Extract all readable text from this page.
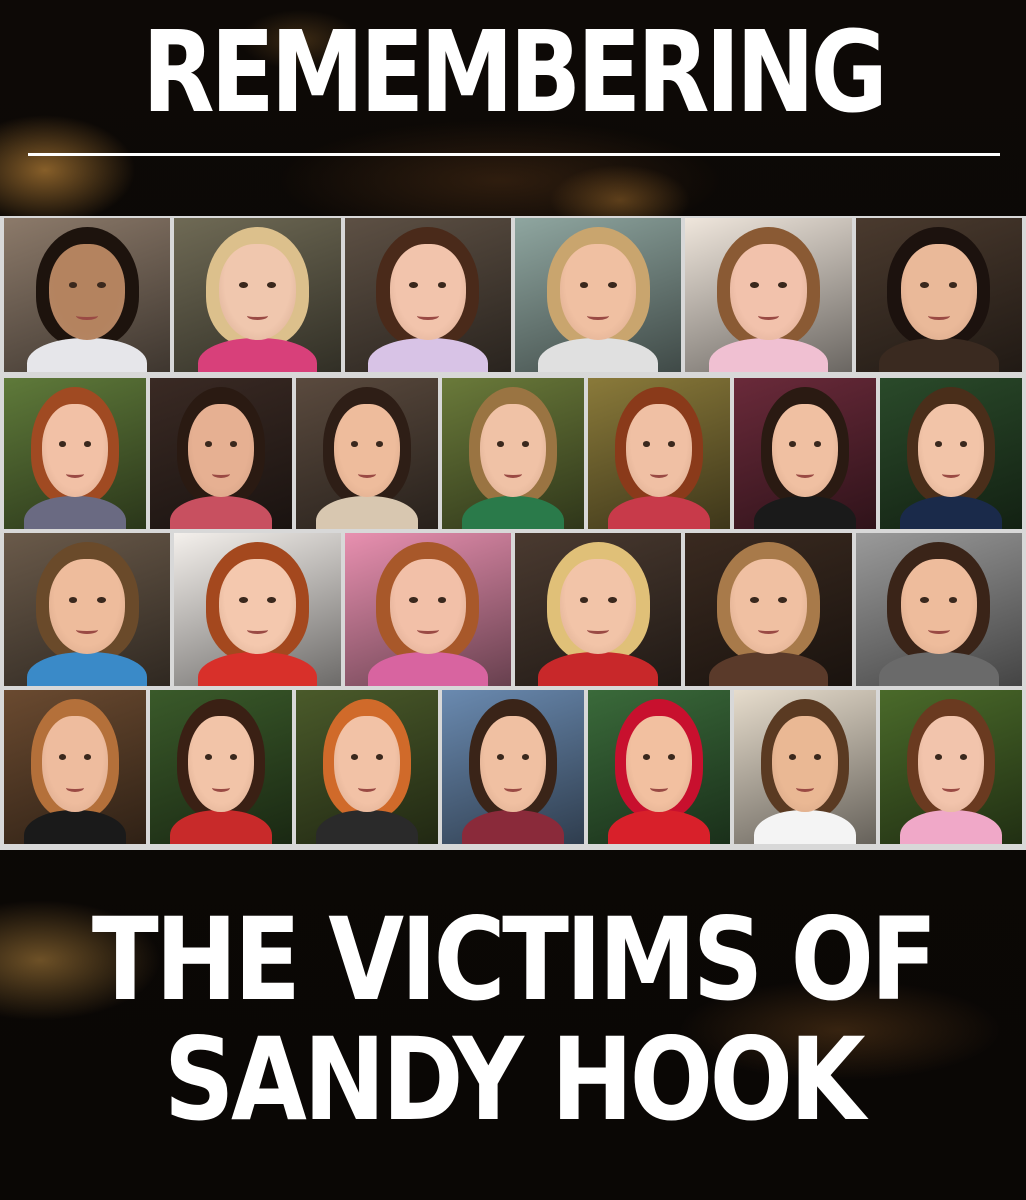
REMEMBERING
THE VICTIMS OF
SANDY HOOK
